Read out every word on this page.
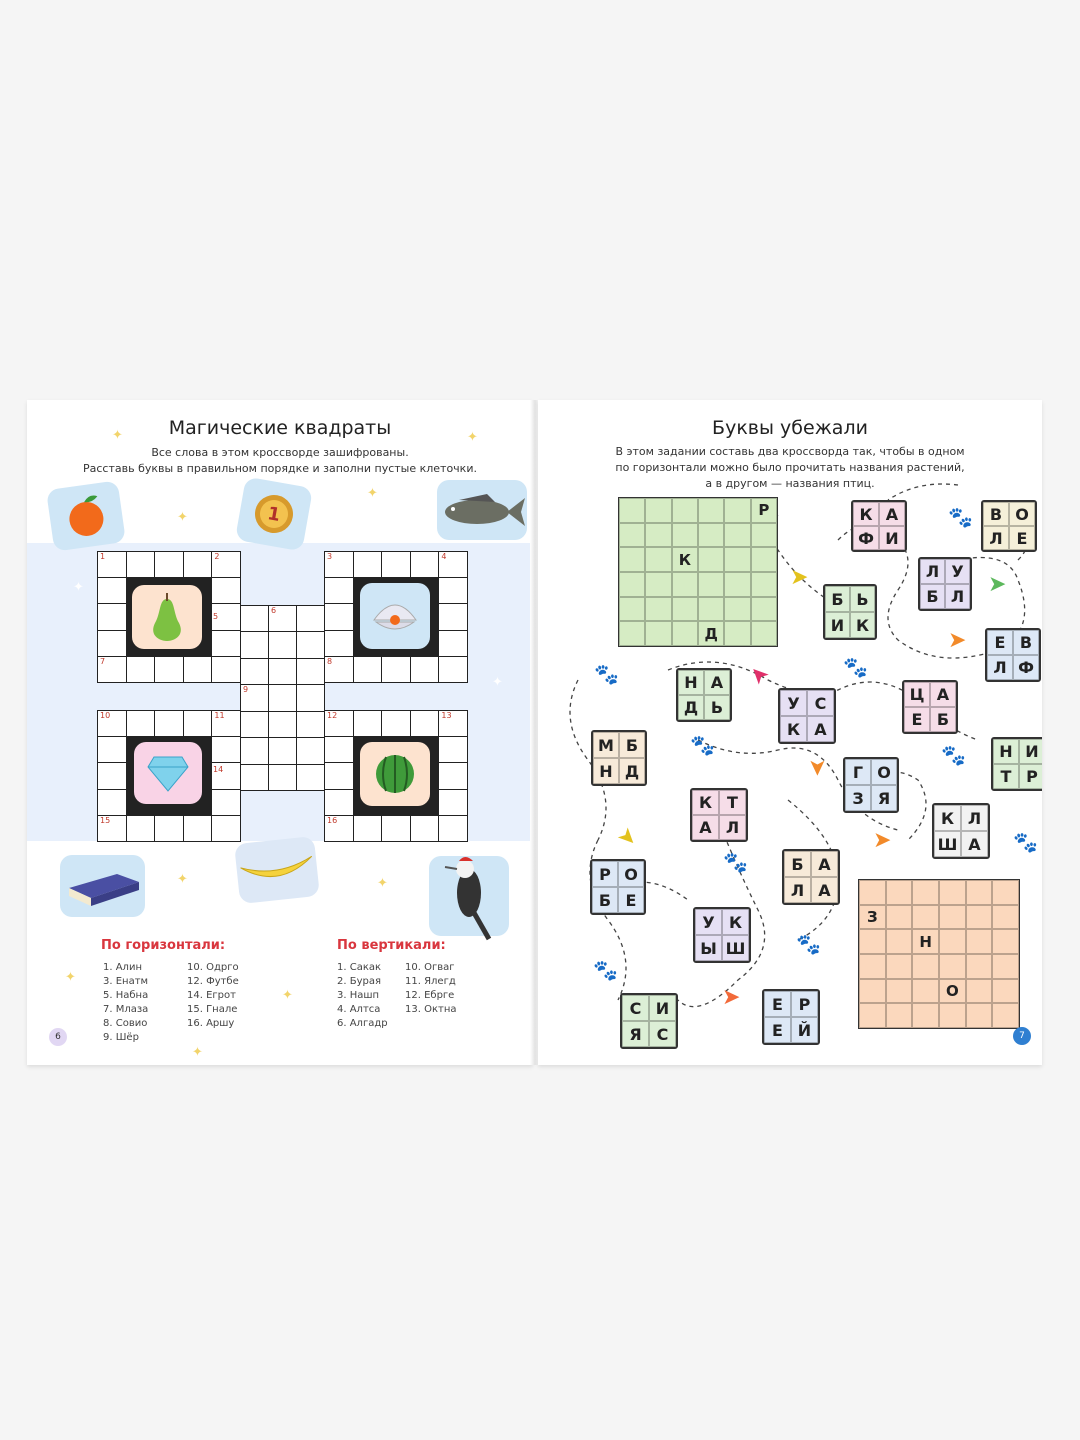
Магические квадраты
Все слова в этом кроссворде зашифрованы.
Расставь буквы в правильном порядке и заполни пустые клеточки.
1
1	2
7
5
3	4
8
6
9
10	11
15
14
12	13
16
✦	✦
✦
✦
✦
✦
✦	✦
✦
✦
✦
По горизонтали:
1. Алин
3. Енатм
5. Набна
7. Млаза
8. Совио
9. Шёр
10. Одрго
12. Футбе
14. Егрот
15. Гнале
16. Аршу
По вертикали:
1. Сакак
2. Бурая
3. Нашп
4. Алтса
6. Алгадр
10. Огваг
11. Ялегд
12. Ебрге
13. Октна
6
Буквы убежали
В этом задании составь два кроссворда так, чтобы в одном
по горизонтали можно было прочитать названия растений,
а в другом — названия птиц.
Р
К
Д
З
Н
О
К А
Ф И
В О
Л Е
Л У
Б Л
Б Ь
И К
Е В
Л Ф
Н А
Д Ь	У С
К А
Ц А
Е Б
М Б
Н Д
Н И
Т Р
Г О
З Я
К Т
А Л	К Л
Ш А
Р О
Б Е
Б А
Л А
У К
Ы Ш
С И
Я С
Е Р
Е Й
🐾
🐾	🐾
🐾	🐾
🐾
🐾
🐾
🐾
➤	➤
➤
➤
➤
➤	➤
➤
7
